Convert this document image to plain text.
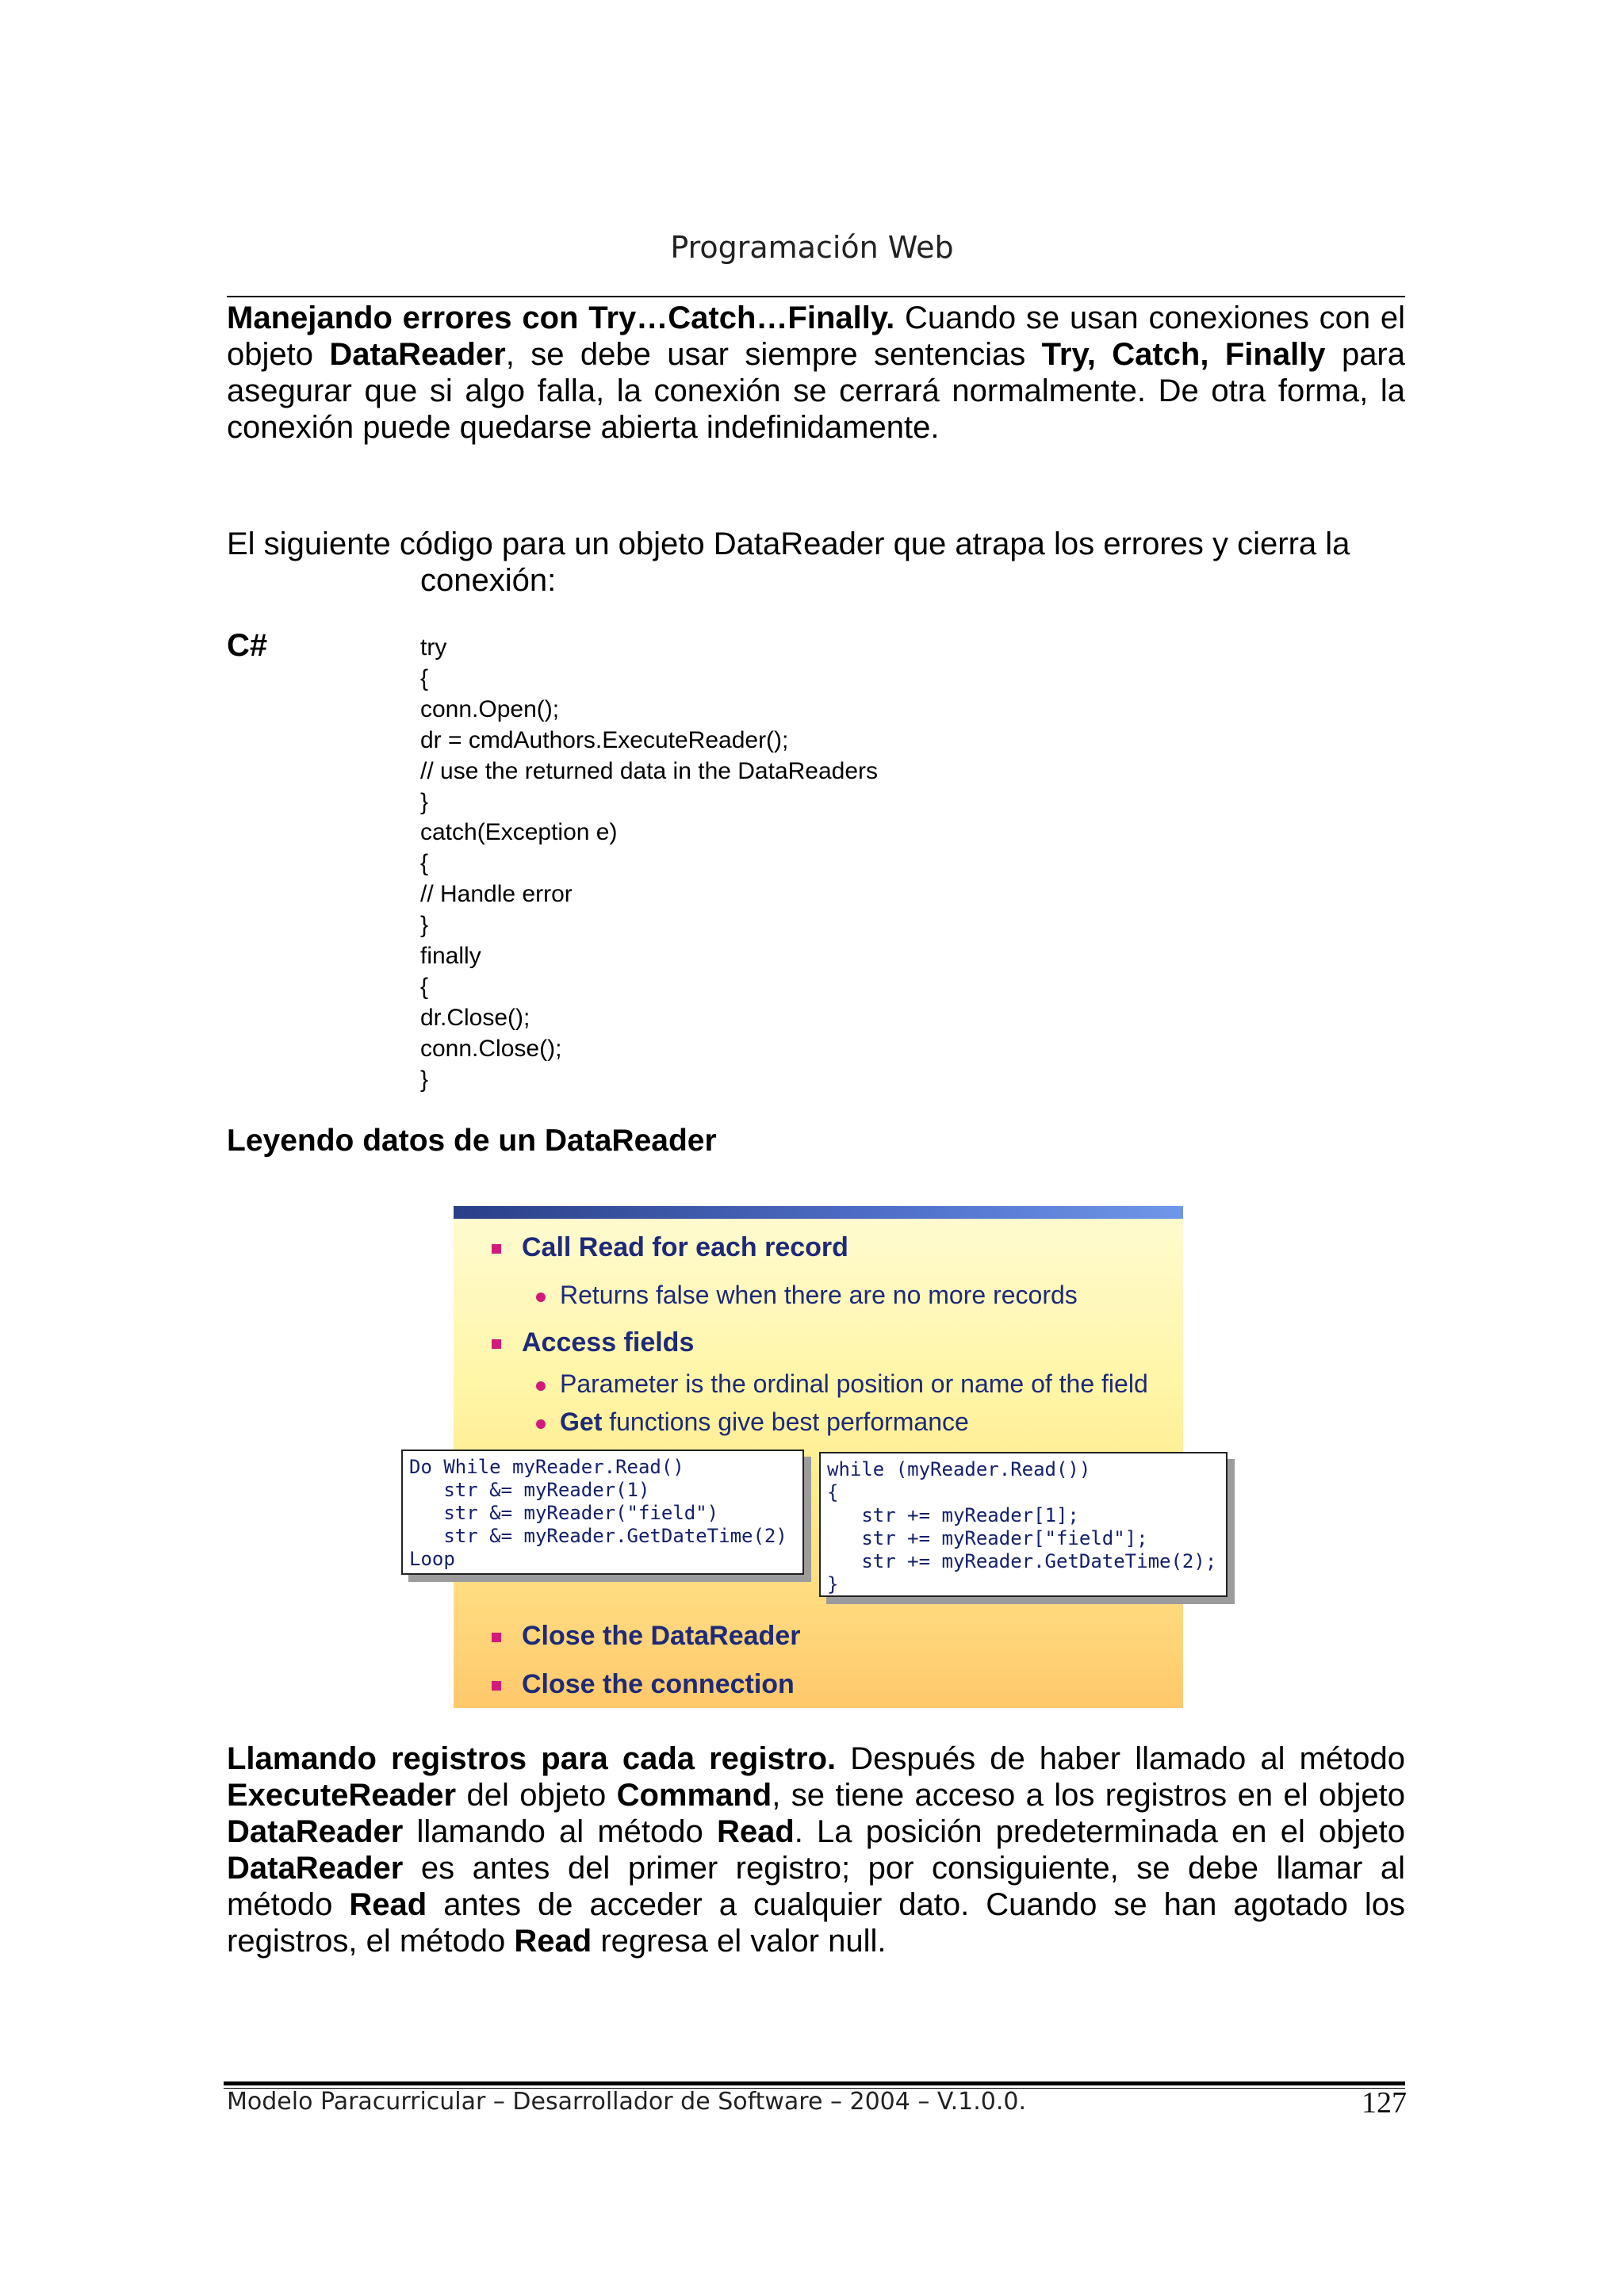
Programación Web
Manejando errores con Try…Catch…Finally. Cuando se usan conexiones con el objeto DataReader, se debe usar siempre sentencias Try, Catch, Finally para asegurar que si algo falla, la conexión se cerrará normalmente. De otra forma, la conexión puede quedarse abierta indefinidamente.
El siguiente código para un objeto DataReader que atrapa los errores y cierra la
conexión:
C#	try
{
conn.Open();
dr = cmdAuthors.ExecuteReader();
// use the returned data in the DataReaders
}
catch(Exception e)
{
// Handle error
}
finally
{
dr.Close();
conn.Close();
}
Leyendo datos de un DataReader
Call Read for each record
Returns false when there are no more records
Access fields
Parameter is the ordinal position or name of the field
Get functions give best performance
Do While myReader.Read()
str &= myReader(1)
str &= myReader("field")
str &= myReader.GetDateTime(2)
Loop
while (myReader.Read())
{
str += myReader[1];
str += myReader["field"];
str += myReader.GetDateTime(2);
}
Close the DataReader
Close the connection
Llamando registros para cada registro. Después de haber llamado al método ExecuteReader del objeto Command, se tiene acceso a los registros en el objeto DataReader llamando al método Read. La posición predeterminada en el objeto DataReader es antes del primer registro; por consiguiente, se debe llamar al método Read antes de acceder a cualquier dato. Cuando se han agotado los registros, el método Read regresa el valor null.
Modelo Paracurricular – Desarrollador de Software – 2004 – V.1.0.0.	127
